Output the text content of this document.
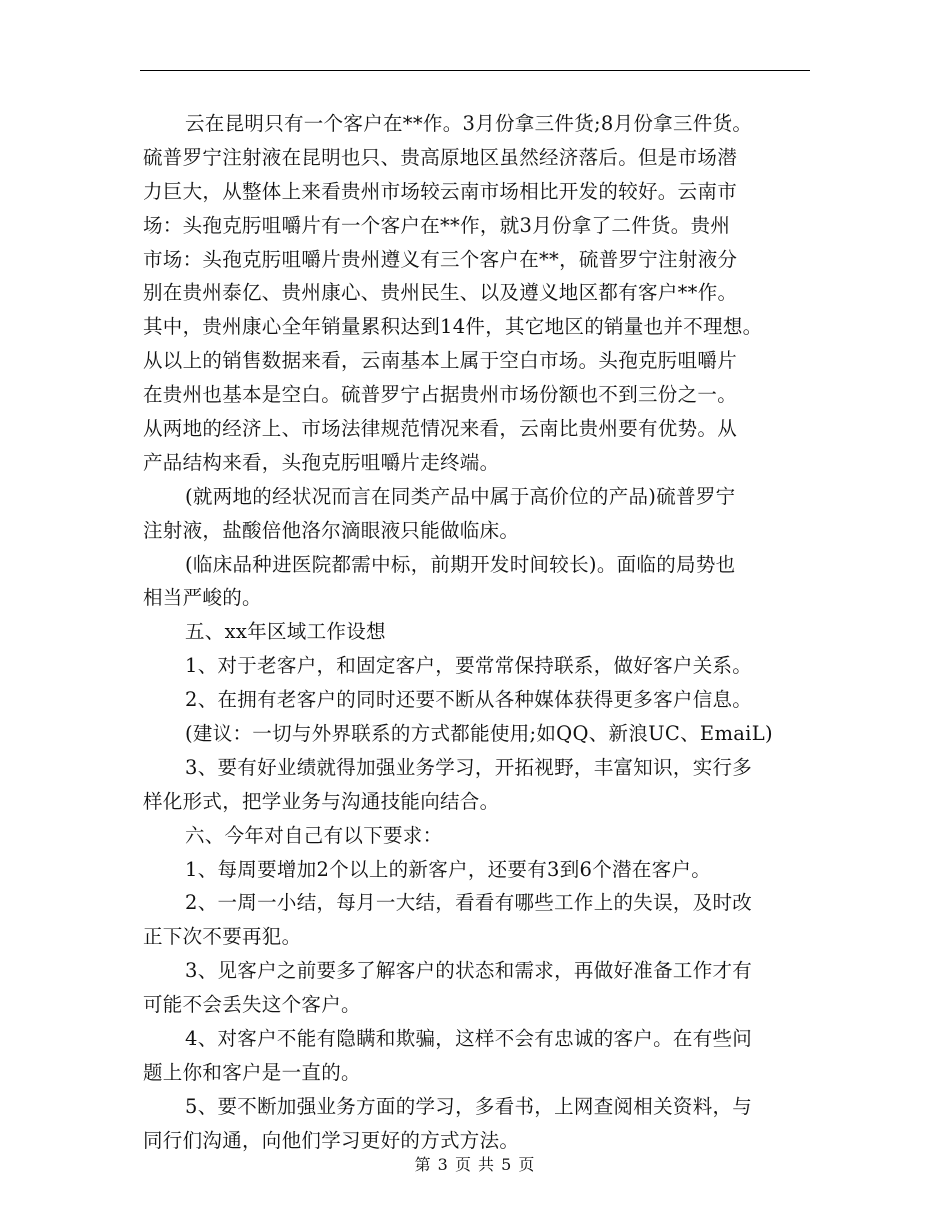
云在昆明只有一个客户在**作。3月份拿三件货;8月份拿三件货。
硫普罗宁注射液在昆明也只、贵高原地区虽然经济落后。但是市场潜
力巨大，从整体上来看贵州市场较云南市场相比开发的较好。云南市
场：头孢克肟咀嚼片有一个客户在**作，就3月份拿了二件货。贵州
市场：头孢克肟咀嚼片贵州遵义有三个客户在**，硫普罗宁注射液分
别在贵州泰亿、贵州康心、贵州民生、以及遵义地区都有客户**作。
其中，贵州康心全年销量累积达到14件，其它地区的销量也并不理想。
从以上的销售数据来看，云南基本上属于空白市场。头孢克肟咀嚼片
在贵州也基本是空白。硫普罗宁占据贵州市场份额也不到三份之一。
从两地的经济上、市场法律规范情况来看，云南比贵州要有优势。从
产品结构来看，头孢克肟咀嚼片走终端。
(就两地的经状况而言在同类产品中属于高价位的产品)硫普罗宁
注射液，盐酸倍他洛尔滴眼液只能做临床。
(临床品种进医院都需中标，前期开发时间较长)。面临的局势也
相当严峻的。
五、xx年区域工作设想
1、对于老客户，和固定客户，要常常保持联系，做好客户关系。
2、在拥有老客户的同时还要不断从各种媒体获得更多客户信息。
(建议：一切与外界联系的方式都能使用;如QQ、新浪UC、EmaiL)
3、要有好业绩就得加强业务学习，开拓视野，丰富知识，实行多
样化形式，把学业务与沟通技能向结合。
六、今年对自己有以下要求：
1、每周要增加2个以上的新客户，还要有3到6个潜在客户。
2、一周一小结，每月一大结，看看有哪些工作上的失误，及时改
正下次不要再犯。
3、见客户之前要多了解客户的状态和需求，再做好准备工作才有
可能不会丢失这个客户。
4、对客户不能有隐瞒和欺骗，这样不会有忠诚的客户。在有些问
题上你和客户是一直的。
5、要不断加强业务方面的学习，多看书，上网查阅相关资料，与
同行们沟通，向他们学习更好的方式方法。
第 3 页 共 5 页
